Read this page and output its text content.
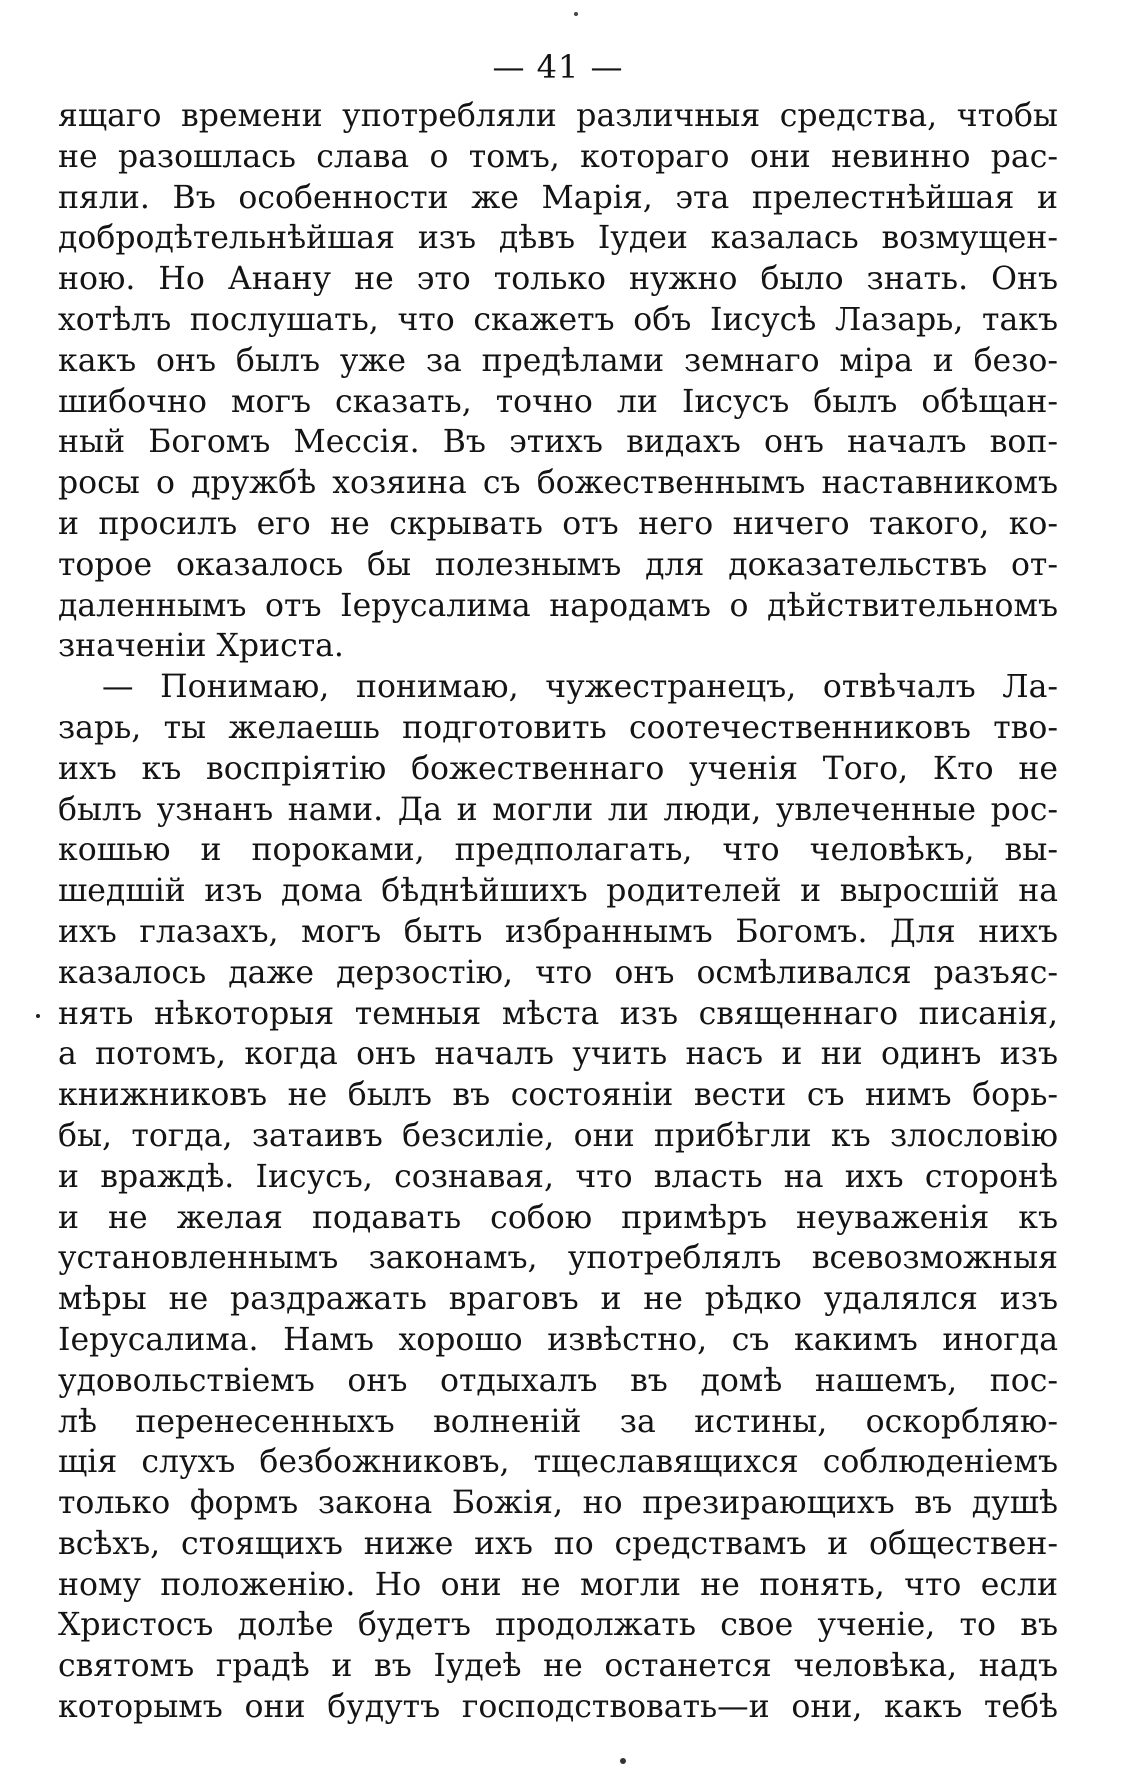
— 41 —
ящаго времени употребляли различныя средства, чтобы
не разошлась слава о томъ, котораго они невинно рас-
пяли. Въ особенности же Марія, эта прелестнѣйшая и
добродѣтельнѣйшая изъ дѣвъ Іудеи казалась возмущен-
ною. Но Анану не это только нужно было знать. Онъ
хотѣлъ послушать, что скажетъ объ Іисусѣ Лазарь, такъ
какъ онъ былъ уже за предѣлами земнаго міра и безо-
шибочно могъ сказать, точно ли Іисусъ былъ обѣщан-
ный Богомъ Мессія. Въ этихъ видахъ онъ началъ воп-
росы о дружбѣ хозяина съ божественнымъ наставникомъ
и просилъ его не скрывать отъ него ничего такого, ко-
торое оказалось бы полезнымъ для доказательствъ от-
даленнымъ отъ Іерусалима народамъ о дѣйствительномъ
значеніи Христа.
— Понимаю, понимаю, чужестранецъ, отвѣчалъ Ла-
зарь, ты желаешь подготовить соотечественниковъ тво-
ихъ къ воспріятію божественнаго ученія Того, Кто не
былъ узнанъ нами. Да и могли ли люди, увлеченные рос-
кошью и пороками, предполагать, что человѣкъ, вы-
шедшій изъ дома бѣднѣйшихъ родителей и выросшій на
ихъ глазахъ, могъ быть избраннымъ Богомъ. Для нихъ
казалось даже дерзостію, что онъ осмѣливался разъяс-
нять нѣкоторыя темныя мѣста изъ священнаго писанія,
а потомъ, когда онъ началъ учить насъ и ни одинъ изъ
книжниковъ не былъ въ состояніи вести съ нимъ борь-
бы, тогда, затаивъ безсиліе, они прибѣгли къ злословію
и враждѣ. Іисусъ, сознавая, что власть на ихъ сторонѣ
и не желая подавать собою примѣръ неуваженія къ
установленнымъ законамъ, употреблялъ всевозможныя
мѣры не раздражать враговъ и не рѣдко удалялся изъ
Іерусалима. Намъ хорошо извѣстно, съ какимъ иногда
удовольствіемъ онъ отдыхалъ въ домѣ нашемъ, пос-
лѣ перенесенныхъ волненій за истины, оскорбляю-
щія слухъ безбожниковъ, тщеславящихся соблюденіемъ
только формъ закона Божія, но презирающихъ въ душѣ
всѣхъ, стоящихъ ниже ихъ по средствамъ и обществен-
ному положенію. Но они не могли не понять, что если
Христосъ долѣе будетъ продолжать свое ученіе, то въ
святомъ градѣ и въ Іудеѣ не останется человѣка, надъ
которымъ они будутъ господствовать—и они, какъ тебѣ
